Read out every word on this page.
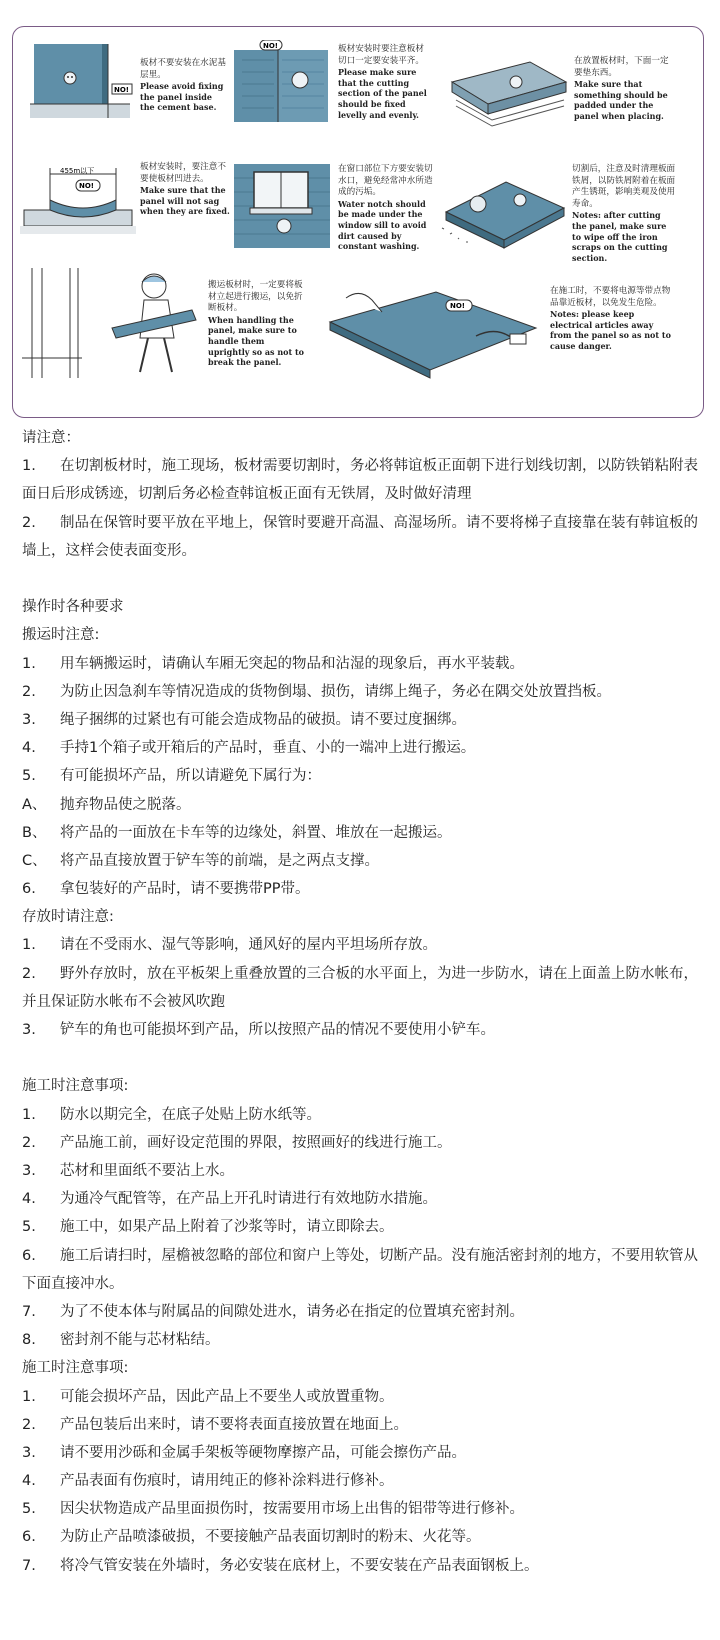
NO!
板材不要安装在水泥基层里。
Please avoid fixing the panel inside the cement base.
NO!	板材安装时要注意板材切口一定要安装平齐。
Please make sure that the cutting section of the panel should be fixed levelly and evenly.
在放置板材时，下面一定要垫东西。
Make sure that something should be padded under the panel when placing.
455m以下
NO!
板材安装时，要注意不要使板材凹进去。
Make sure that the panel will not sag when they are fixed.
在窗口部位下方要安装切水口，避免经常冲水所造成的污垢。
Water notch should be made under the window sill to avoid dirt caused by constant washing.
切割后，注意及时清理板面铁屑，以防铁屑附着在板面产生锈斑，影响美观及使用寿命。
Notes: after cutting the panel, make sure to wipe off the iron scraps on the cutting section.
搬运板材时，一定要将板材立起进行搬运，以免折断板材。
When handling the panel, make sure to handle them uprightly so as not to break the panel.
NO!
在施工时，不要将电源等带点物品靠近板材，以免发生危险。
Notes: please keep electrical articles away from the panel so as not to cause danger.
请注意：
1. 在切割板材时，施工现场，板材需要切割时，务必将韩谊板正面朝下进行划线切割，以防铁销粘附表面日后形成锈迹，切割后务必检查韩谊板正面有无铁屑，及时做好清理
2. 制品在保管时要平放在平地上，保管时要避开高温、高湿场所。请不要将梯子直接靠在装有韩谊板的墙上，这样会使表面变形。
操作时各种要求
搬运时注意:
1. 用车辆搬运时，请确认车厢无突起的物品和沾湿的现象后，再水平装载。
2. 为防止因急刹车等情况造成的货物倒塌、损伤，请绑上绳子，务必在隅交处放置挡板。
3. 绳子捆绑的过紧也有可能会造成物品的破损。请不要过度捆绑。
4. 手持1个箱子或开箱后的产品时，垂直、小的一端冲上进行搬运。
5. 有可能损坏产品，所以请避免下属行为：
A、 抛弃物品使之脱落。
B、 将产品的一面放在卡车等的边缘处，斜置、堆放在一起搬运。
C、 将产品直接放置于铲车等的前端，是之两点支撑。
6. 拿包装好的产品时，请不要携带PP带。
存放时请注意:
1. 请在不受雨水、湿气等影响，通风好的屋内平坦场所存放。
2. 野外存放时，放在平板架上重叠放置的三合板的水平面上，为进一步防水，请在上面盖上防水帐布，并且保证防水帐布不会被风吹跑
3. 铲车的角也可能损坏到产品，所以按照产品的情况不要使用小铲车。
施工时注意事项:
1. 防水以期完全，在底子处贴上防水纸等。
2. 产品施工前，画好设定范围的界限，按照画好的线进行施工。
3. 芯材和里面纸不要沾上水。
4. 为通冷气配管等，在产品上开孔时请进行有效地防水措施。
5. 施工中，如果产品上附着了沙浆等时，请立即除去。
6. 施工后请扫时，屋檐被忽略的部位和窗户上等处，切断产品。没有施活密封剂的地方，不要用软管从下面直接冲水。
7. 为了不使本体与附属品的间隙处进水，请务必在指定的位置填充密封剂。
8. 密封剂不能与芯材粘结。
施工时注意事项:
1. 可能会损坏产品，因此产品上不要坐人或放置重物。
2. 产品包装后出来时，请不要将表面直接放置在地面上。
3. 请不要用沙砾和金属手架板等硬物摩擦产品，可能会擦伤产品。
4. 产品表面有伤痕时，请用纯正的修补涂料进行修补。
5. 因尖状物造成产品里面损伤时，按需要用市场上出售的铝带等进行修补。
6. 为防止产品喷漆破损，不要接触产品表面切割时的粉末、火花等。
7. 将冷气管安装在外墙时，务必安装在底材上，不要安装在产品表面钢板上。
